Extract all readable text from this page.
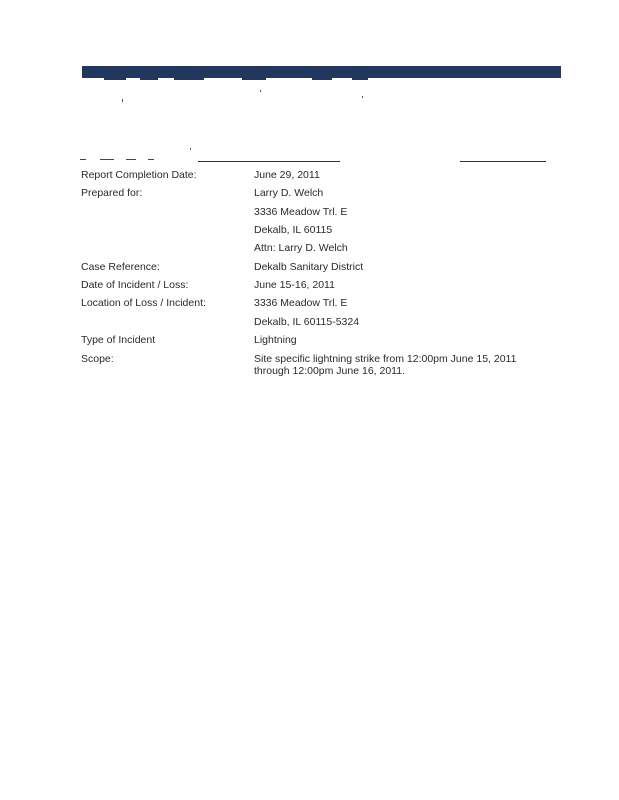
Report Completion Date:	June 29, 2011
Prepared for:	Larry D. Welch
3336 Meadow Trl. E
Dekalb, IL 60115
Attn: Larry D. Welch
Case Reference:	Dekalb Sanitary District
Date of Incident / Loss:	June 15-16, 2011
Location of Loss / Incident:	3336 Meadow Trl. E
Dekalb, IL 60115-5324
Type of Incident	Lightning
Scope:	Site specific lightning strike from 12:00pm June 15, 2011 through 12:00pm June 16, 2011.
